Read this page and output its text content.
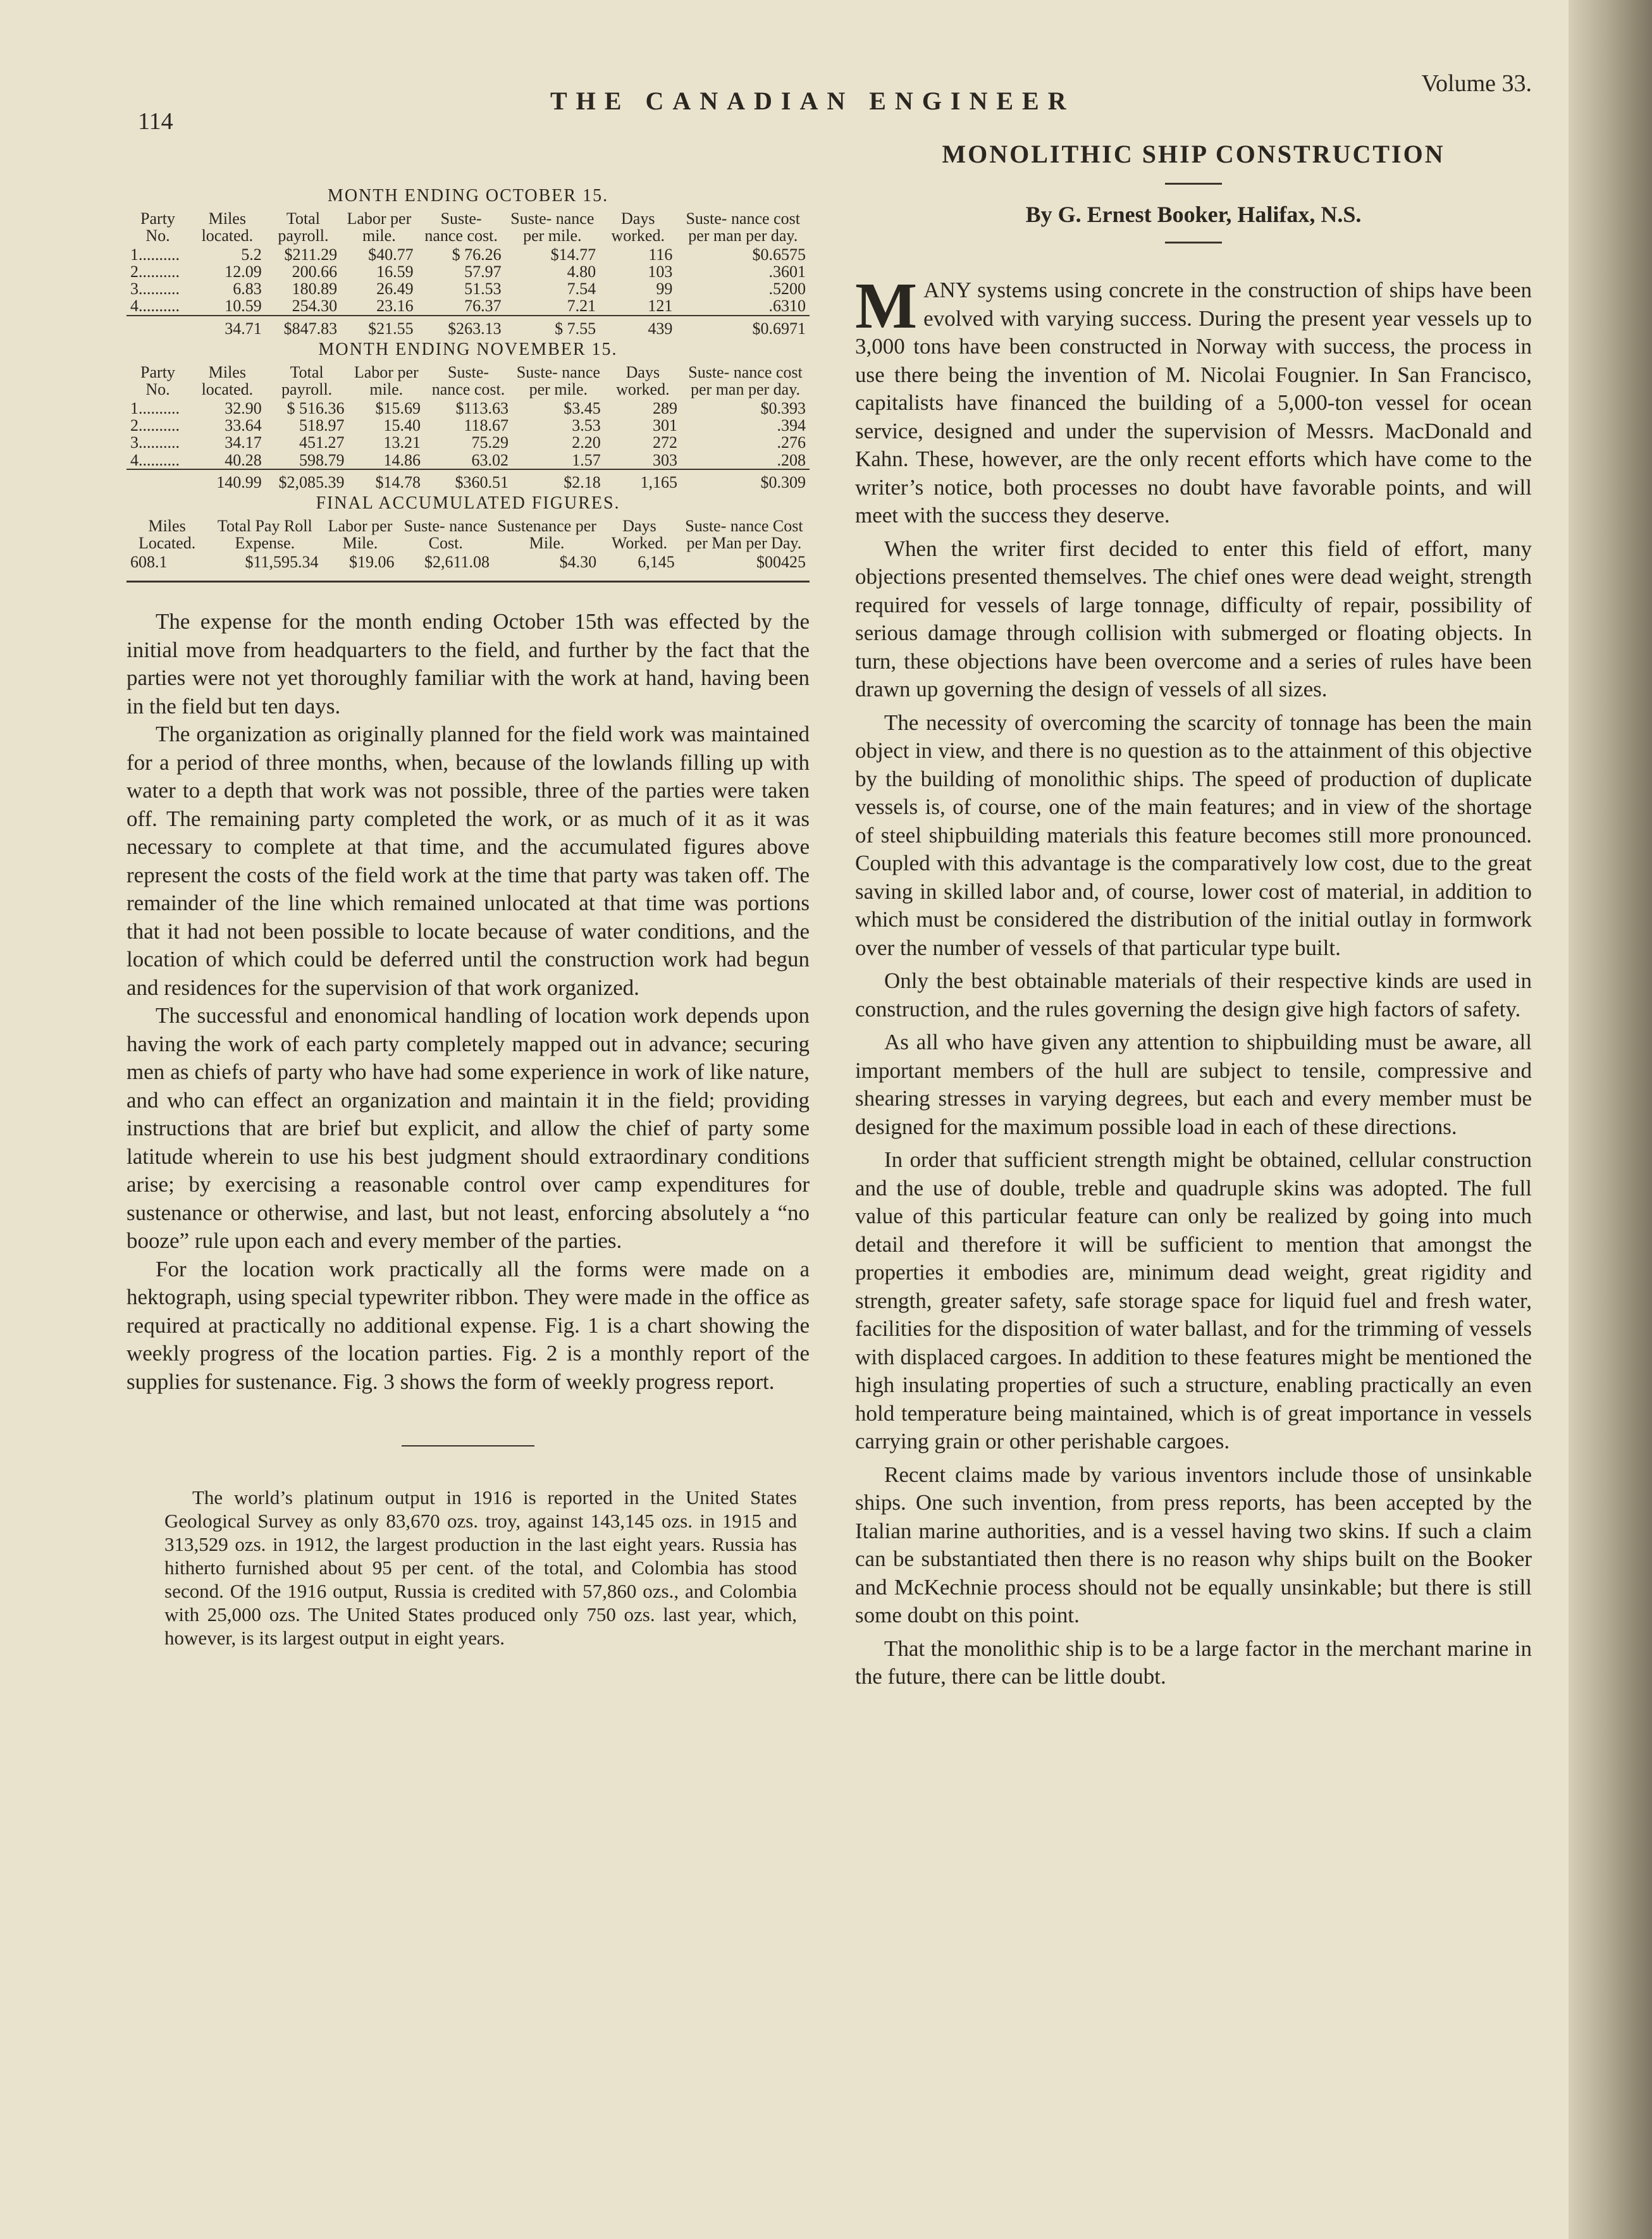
114
THE CANADIAN ENGINEER
Volume 33.
MONTH ENDING OCTOBER 15.
Party No.	Miles located.	Total payroll.	Labor per mile.	Suste- nance cost.	Suste- nance per mile.	Days worked.	Suste- nance cost per man per day.
1..........	5.2	$211.29	$40.77	$ 76.26	$14.77	116	$0.6575
2..........	12.09	200.66	16.59	57.97	4.80	103	.3601
3..........	6.83	180.89	26.49	51.53	7.54	99	.5200
4..........	10.59	254.30	23.16	76.37	7.21	121	.6310
	34.71	$847.83	$21.55	$263.13	$ 7.55	439	$0.6971
MONTH ENDING NOVEMBER 15.
Party No.	Miles located.	Total payroll.	Labor per mile.	Suste- nance cost.	Suste- nance per mile.	Days worked.	Suste- nance cost per man per day.
1..........	32.90	$ 516.36	$15.69	$113.63	$3.45	289	$0.393
2..........	33.64	518.97	15.40	118.67	3.53	301	.394
3..........	34.17	451.27	13.21	75.29	2.20	272	.276
4..........	40.28	598.79	14.86	63.02	1.57	303	.208
	140.99	$2,085.39	$14.78	$360.51	$2.18	1,165	$0.309
FINAL ACCUMULATED FIGURES.
Miles Located.	Total Pay Roll Expense.	Labor per Mile.	Suste- nance Cost.	Sustenance per Mile.	Days Worked.	Suste- nance Cost per Man per Day.
608.1	$11,595.34	$19.06	$2,611.08	$4.30	6,145	$00425

The expense for the month ending October 15th was effected by the initial move from headquarters to the field, and further by the fact that the parties were not yet thoroughly familiar with the work at hand, having been in the field but ten days.

The organization as originally planned for the field work was maintained for a period of three months, when, because of the lowlands filling up with water to a depth that work was not possible, three of the parties were taken off. The remaining party completed the work, or as much of it as it was necessary to complete at that time, and the accumulated figures above represent the costs of the field work at the time that party was taken off. The remainder of the line which remained unlocated at that time was portions that it had not been possible to locate because of water conditions, and the location of which could be deferred until the construction work had begun and residences for the supervision of that work organized.

The successful and enonomical handling of location work depends upon having the work of each party completely mapped out in advance; securing men as chiefs of party who have had some experience in work of like nature, and who can effect an organization and maintain it in the field; providing instructions that are brief but explicit, and allow the chief of party some latitude wherein to use his best judgment should extraordinary conditions arise; by exercising a reasonable control over camp expenditures for sustenance or otherwise, and last, but not least, enforcing absolutely a “no booze” rule upon each and every member of the parties.

For the location work practically all the forms were made on a hektograph, using special typewriter ribbon. They were made in the office as required at practically no additional expense. Fig. 1 is a chart showing the weekly progress of the location parties. Fig. 2 is a monthly report of the supplies for sustenance. Fig. 3 shows the form of weekly progress report.

The world’s platinum output in 1916 is reported in the United States Geological Survey as only 83,670 ozs. troy, against 143,145 ozs. in 1915 and 313,529 ozs. in 1912, the largest production in the last eight years. Russia has hitherto furnished about 95 per cent. of the total, and Colombia has stood second. Of the 1916 output, Russia is credited with 57,860 ozs., and Colombia with 25,000 ozs. The United States produced only 750 ozs. last year, which, however, is its largest output in eight years.

MONOLITHIC SHIP CONSTRUCTION
By G. Ernest Booker, Halifax, N.S.

MANY systems using concrete in the construction of ships have been evolved with varying success. During the present year vessels up to 3,000 tons have been constructed in Norway with success, the process in use there being the invention of M. Nicolai Fougnier. In San Francisco, capitalists have financed the building of a 5,000-ton vessel for ocean service, designed and under the supervision of Messrs. MacDonald and Kahn. These, however, are the only recent efforts which have come to the writer’s notice, both processes no doubt have favorable points, and will meet with the success they deserve.

When the writer first decided to enter this field of effort, many objections presented themselves. The chief ones were dead weight, strength required for vessels of large tonnage, difficulty of repair, possibility of serious damage through collision with submerged or floating objects. In turn, these objections have been overcome and a series of rules have been drawn up governing the design of vessels of all sizes.

The necessity of overcoming the scarcity of tonnage has been the main object in view, and there is no question as to the attainment of this objective by the building of monolithic ships. The speed of production of duplicate vessels is, of course, one of the main features; and in view of the shortage of steel shipbuilding materials this feature becomes still more pronounced. Coupled with this advantage is the comparatively low cost, due to the great saving in skilled labor and, of course, lower cost of material, in addition to which must be considered the distribution of the initial outlay in formwork over the number of vessels of that particular type built.

Only the best obtainable materials of their respective kinds are used in construction, and the rules governing the design give high factors of safety.

As all who have given any attention to shipbuilding must be aware, all important members of the hull are subject to tensile, compressive and shearing stresses in varying degrees, but each and every member must be designed for the maximum possible load in each of these directions.

In order that sufficient strength might be obtained, cellular construction and the use of double, treble and quadruple skins was adopted. The full value of this particular feature can only be realized by going into much detail and therefore it will be sufficient to mention that amongst the properties it embodies are, minimum dead weight, great rigidity and strength, greater safety, safe storage space for liquid fuel and fresh water, facilities for the disposition of water ballast, and for the trimming of vessels with displaced cargoes. In addition to these features might be mentioned the high insulating properties of such a structure, enabling practically an even hold temperature being maintained, which is of great importance in vessels carrying grain or other perishable cargoes.

Recent claims made by various inventors include those of unsinkable ships. One such invention, from press reports, has been accepted by the Italian marine authorities, and is a vessel having two skins. If such a claim can be substantiated then there is no reason why ships built on the Booker and McKechnie process should not be equally unsinkable; but there is still some doubt on this point.

That the monolithic ship is to be a large factor in the merchant marine in the future, there can be little doubt.
